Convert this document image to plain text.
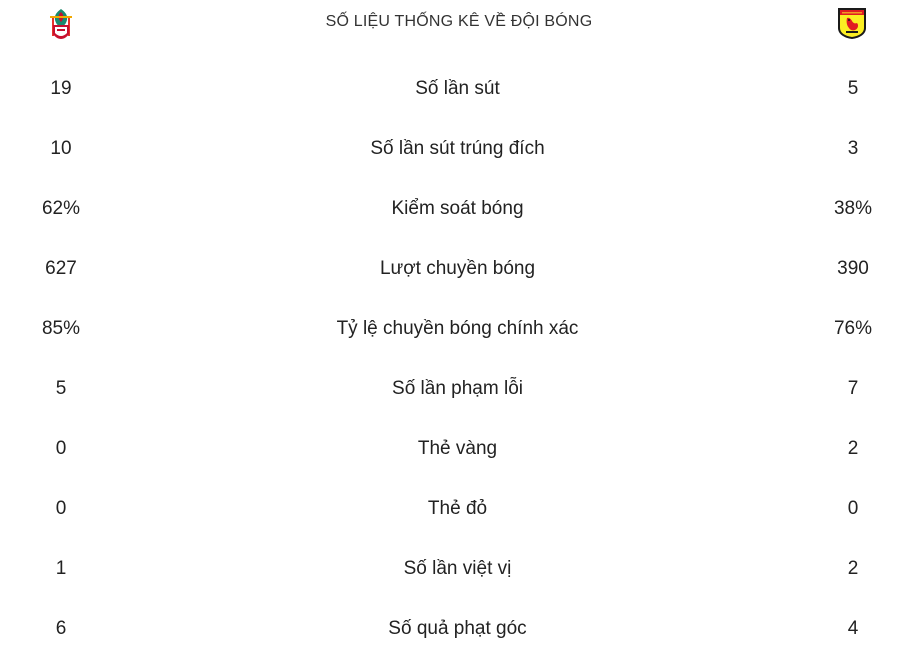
SỐ LIỆU THỐNG KÊ VỀ ĐỘI BÓNG
19	Số lần sút	5
10	Số lần sút trúng đích	3
62%	Kiểm soát bóng	38%
627	Lượt chuyền bóng	390
85%	Tỷ lệ chuyền bóng chính xác	76%
5	Số lần phạm lỗi	7
0	Thẻ vàng	2
0	Thẻ đỏ	0
1	Số lần việt vị	2
6	Số quả phạt góc	4
